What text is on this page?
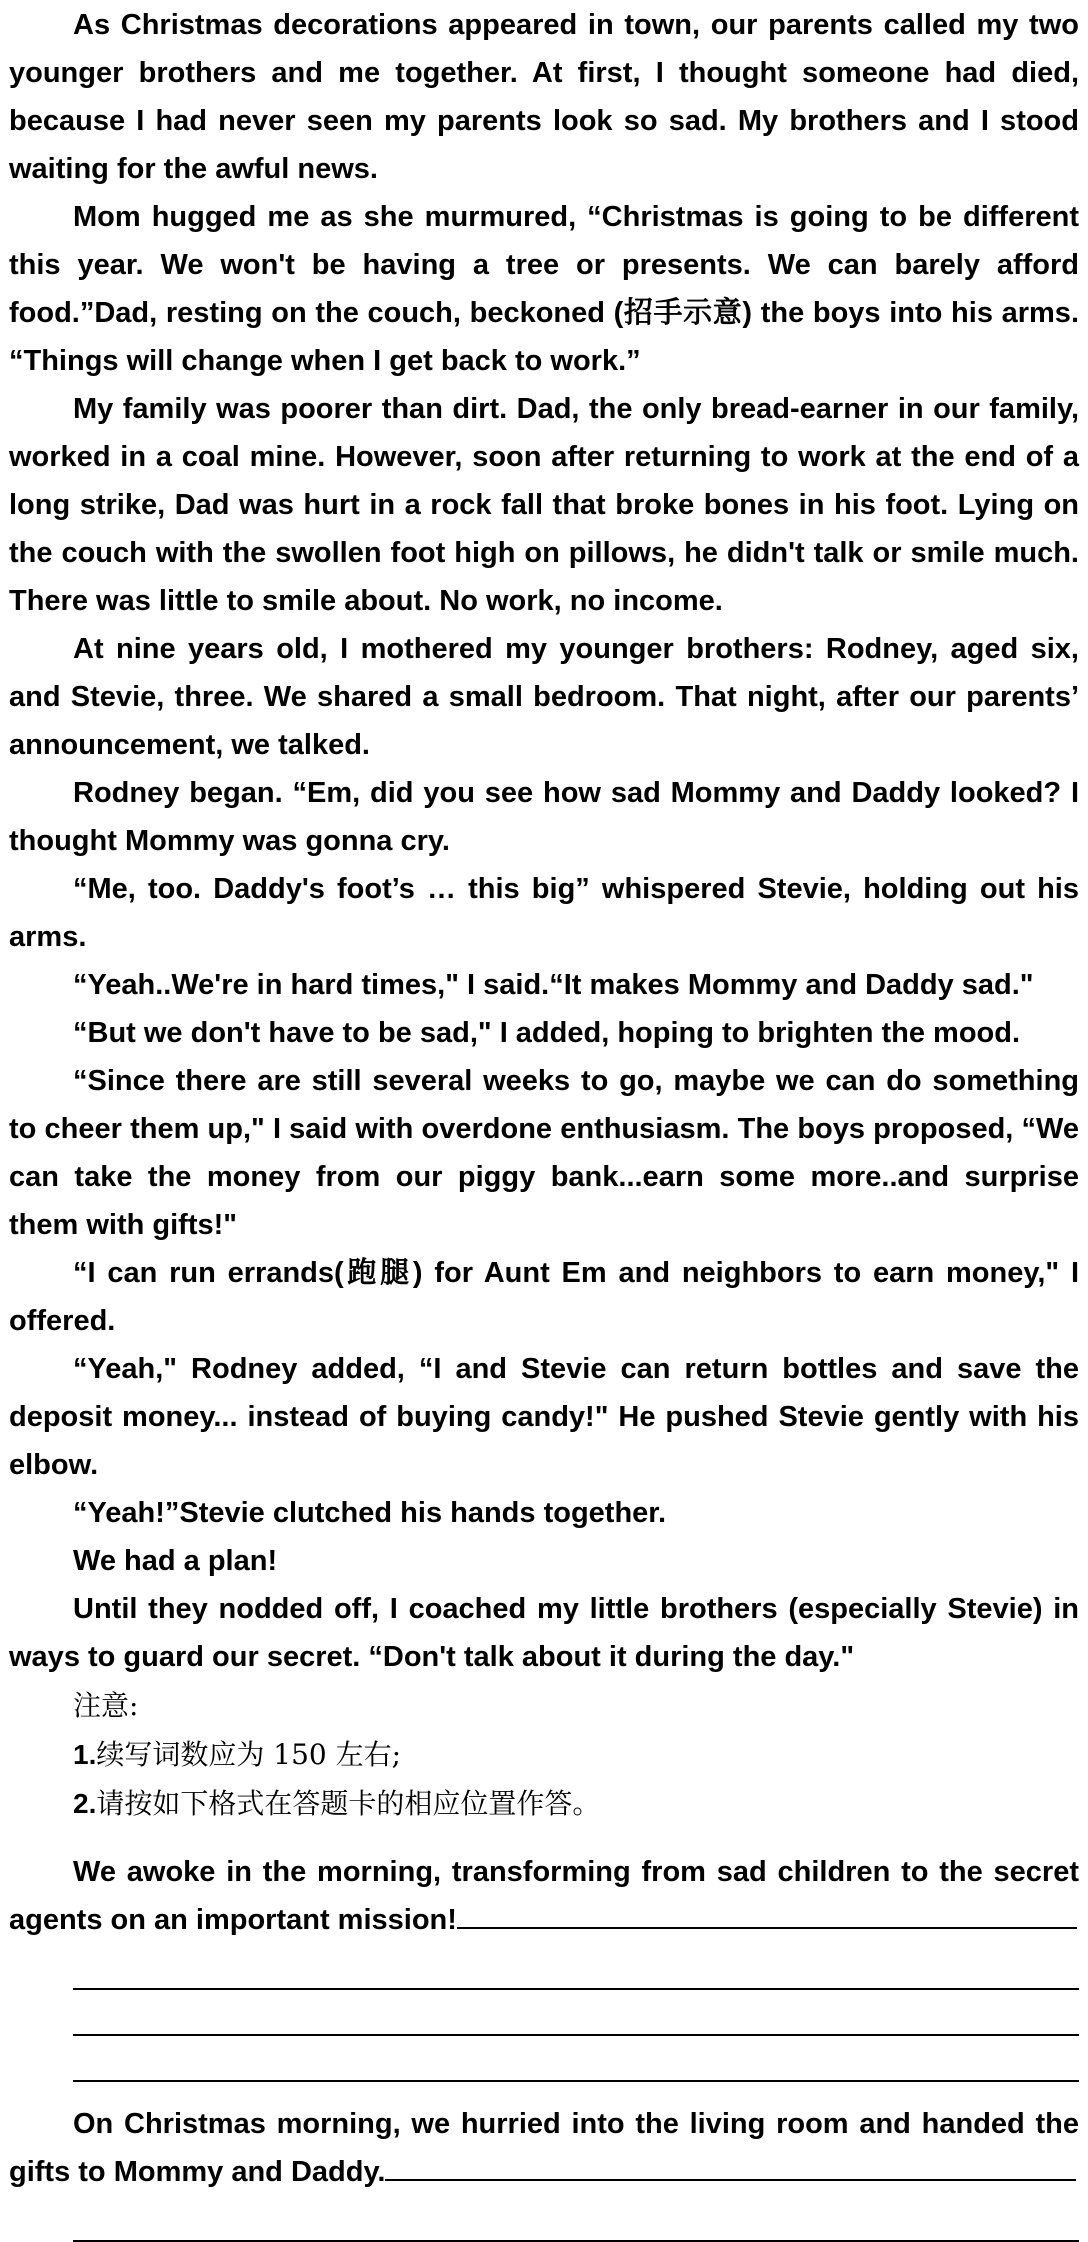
As Christmas decorations appeared in town, our parents called my two younger brothers and me together. At first, I thought someone had died, because I had never seen my parents look so sad. My brothers and I stood waiting for the awful news.

Mom hugged me as she murmured, “Christmas is going to be different this year. We won't be having a tree or presents. We can barely afford food.”Dad, resting on the couch, beckoned (招手示意) the boys into his arms. “Things will change when I get back to work.”

My family was poorer than dirt. Dad, the only bread-earner in our family, worked in a coal mine. However, soon after returning to work at the end of a long strike, Dad was hurt in a rock fall that broke bones in his foot. Lying on the couch with the swollen foot high on pillows, he didn't talk or smile much. There was little to smile about. No work, no income.

At nine years old, I mothered my younger brothers: Rodney, aged six, and Stevie, three. We shared a small bedroom. That night, after our parents’ announcement, we talked.

Rodney began. “Em, did you see how sad Mommy and Daddy looked? I thought Mommy was gonna cry.

“Me, too. Daddy's foot’s … this big” whispered Stevie, holding out his arms.

“Yeah..We're in hard times," I said.“It makes Mommy and Daddy sad."

“But we don't have to be sad," I added, hoping to brighten the mood.

“Since there are still several weeks to go, maybe we can do something to cheer them up," I said with overdone enthusiasm. The boys proposed, “We can take the money from our piggy bank...earn some more..and surprise them with gifts!"

“I can run errands(跑腿) for Aunt Em and neighbors to earn money," I offered.

“Yeah," Rodney added, “I and Stevie can return bottles and save the deposit money... instead of buying candy!" He pushed Stevie gently with his elbow.

“Yeah!”Stevie clutched his hands together.

We had a plan!

Until they nodded off, I coached my little brothers (especially Stevie) in ways to guard our secret. “Don't talk about it during the day."

注意:
1.续写词数应为 150 左右;
2.请按如下格式在答题卡的相应位置作答。

We awoke in the morning, transforming from sad children to the secret agents on an important mission!

On Christmas morning, we hurried into the living room and handed the gifts to Mommy and Daddy.
